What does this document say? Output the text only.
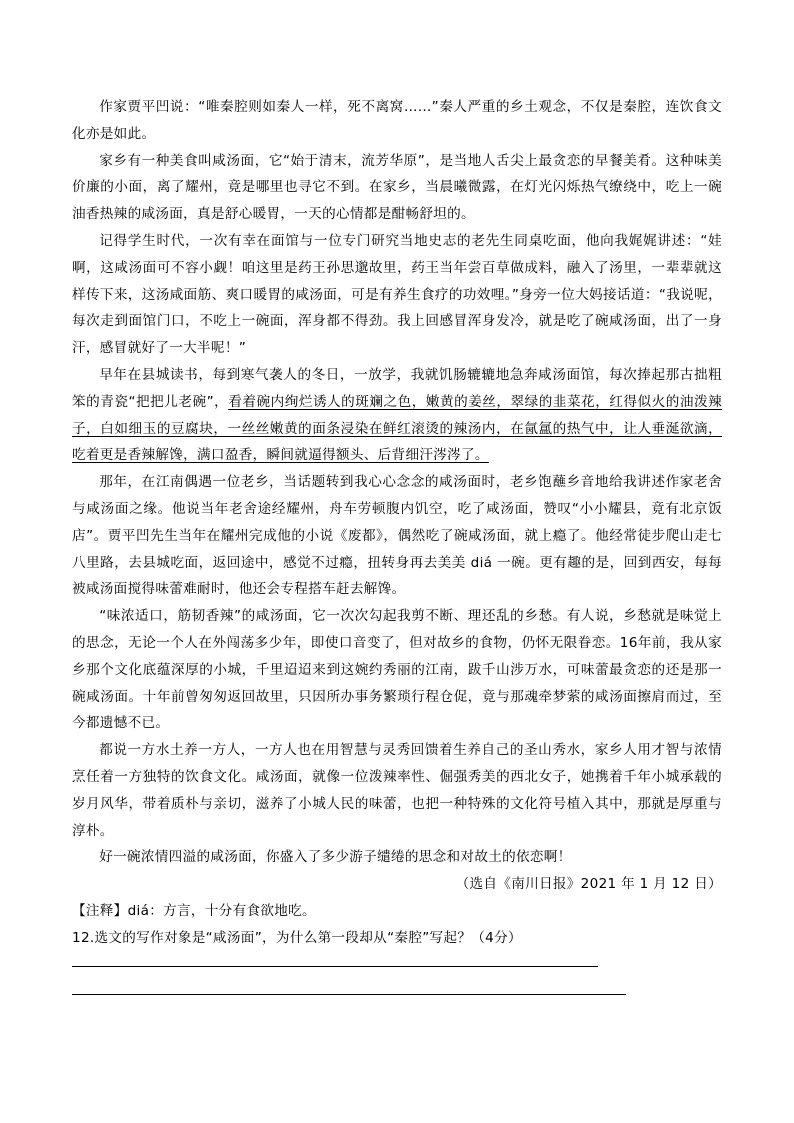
作家贾平凹说：“唯秦腔则如秦人一样，死不离窝……”秦人严重的乡土观念，不仅是秦腔，连饮食文化亦是如此。

家乡有一种美食叫咸汤面，它“始于清末，流芳华原”，是当地人舌尖上最贪恋的早餐美肴。这种味美价廉的小面，离了耀州，竟是哪里也寻它不到。在家乡，当晨曦微露，在灯光闪烁热气缭绕中，吃上一碗油香热辣的咸汤面，真是舒心暖胃，一天的心情都是酣畅舒坦的。

记得学生时代，一次有幸在面馆与一位专门研究当地史志的老先生同桌吃面，他向我娓娓讲述：“娃啊，这咸汤面可不容小觑！咱这里是药王孙思邈故里，药王当年尝百草做成料，融入了汤里，一辈辈就这样传下来，这汤咸面筋、爽口暖胃的咸汤面，可是有养生食疗的功效哩。”身旁一位大妈接话道：“我说呢，每次走到面馆门口，不吃上一碗面，浑身都不得劲。我上回感冒浑身发冷，就是吃了碗咸汤面，出了一身汗，感冒就好了一大半呢！”

早年在县城读书，每到寒气袭人的冬日，一放学，我就饥肠辘辘地急奔咸汤面馆，每次捧起那古拙粗笨的青瓷“把把儿老碗”，看着碗内绚烂诱人的斑斓之色，嫩黄的姜丝，翠绿的韭菜花，红得似火的油泼辣子，白如细玉的豆腐块，一丝丝嫩黄的面条浸染在鲜红滚烫的辣汤内，在氤氲的热气中，让人垂涎欲滴，吃着更是香辣解馋，满口盈香，瞬间就逼得额头、后背细汗涔涔了。

那年，在江南偶遇一位老乡，当话题转到我心心念念的咸汤面时，老乡饱蘸乡音地给我讲述作家老舍与咸汤面之缘。他说当年老舍途经耀州，舟车劳顿腹内饥空，吃了咸汤面，赞叹“小小耀县，竟有北京饭店”。贾平凹先生当年在耀州完成他的小说《废都》，偶然吃了碗咸汤面，就上瘾了。他经常徒步爬山走七八里路，去县城吃面，返回途中，感觉不过瘾，扭转身再去美美 diá 一碗。更有趣的是，回到西安，每每被咸汤面搅得味蕾难耐时，他还会专程搭车赶去解馋。

“味浓适口，筋韧香辣”的咸汤面，它一次次勾起我剪不断、理还乱的乡愁。有人说，乡愁就是味觉上的思念，无论一个人在外闯荡多少年，即使口音变了，但对故乡的食物，仍怀无限眷恋。16年前，我从家乡那个文化底蕴深厚的小城，千里迢迢来到这婉约秀丽的江南，跋千山涉万水，可味蕾最贪恋的还是那一碗咸汤面。十年前曾匆匆返回故里，只因所办事务繁琐行程仓促，竟与那魂牵梦萦的咸汤面擦肩而过，至今都遗憾不已。

都说一方水土养一方人，一方人也在用智慧与灵秀回馈着生养自己的圣山秀水，家乡人用才智与浓情烹任着一方独特的饮食文化。咸汤面，就像一位泼辣率性、倔强秀美的西北女子，她携着千年小城承载的岁月风华，带着质朴与亲切，滋养了小城人民的味蕾，也把一种特殊的文化符号植入其中，那就是厚重与淳朴。

好一碗浓情四溢的咸汤面，你盛入了多少游子缱绻的思念和对故土的依恋啊！

（选自《南川日报》2021 年 1 月 12 日）

【注释】diá：方言，十分有食欲地吃。

12.选文的写作对象是“咸汤面”，为什么第一段却从“秦腔”写起？（4分）
